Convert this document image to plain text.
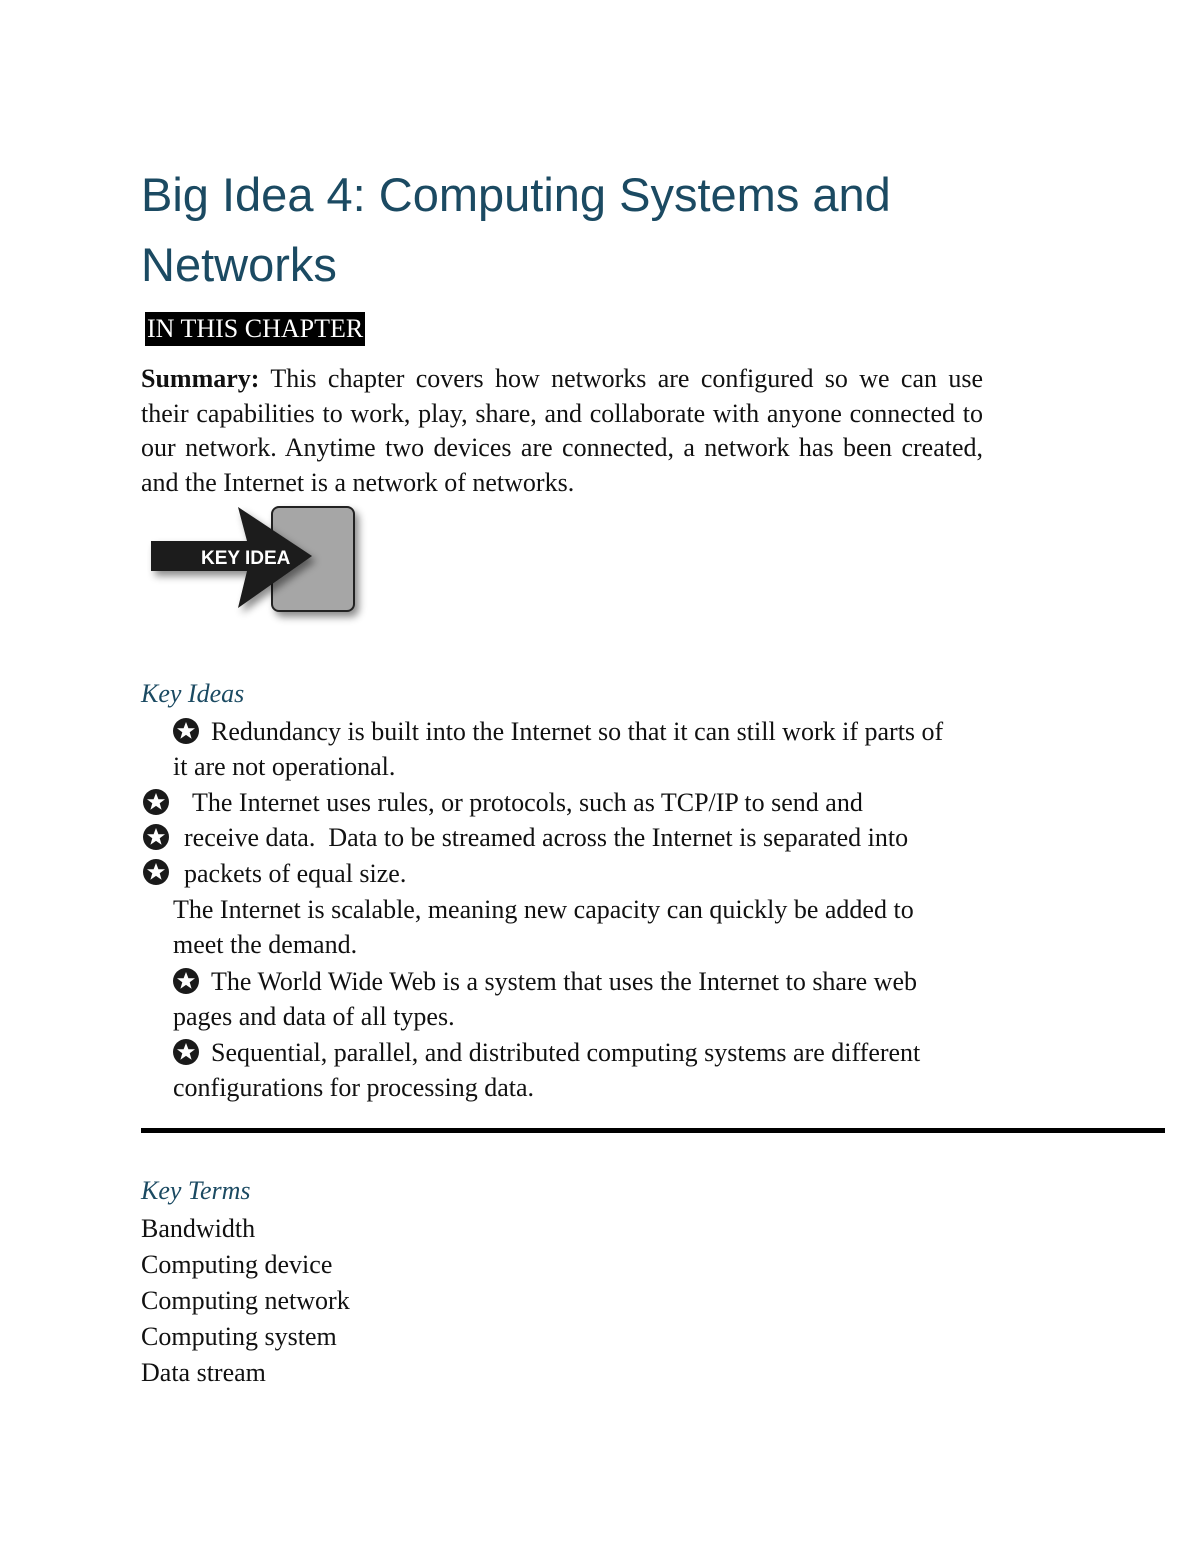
Big Idea 4: Computing Systems and
Networks
IN THIS CHAPTER
Summary: This chapter covers how networks are configured so we can use their capabilities to work, play, share, and collaborate with anyone connected to our network. Anytime two devices are connected, a network has been created, and the Internet is a network of networks.
KEY IDEA
Key Ideas
Redundancy is built into the Internet so that it can still work if parts of
it are not operational.
The Internet uses rules, or protocols, such as TCP/IP to send and
receive data.  Data to be streamed across the Internet is separated into
packets of equal size.
The Internet is scalable, meaning new capacity can quickly be added to
meet the demand.
The World Wide Web is a system that uses the Internet to share web
pages and data of all types.
Sequential, parallel, and distributed computing systems are different
configurations for processing data.
Key Terms
Bandwidth
Computing device
Computing network
Computing system
Data stream
